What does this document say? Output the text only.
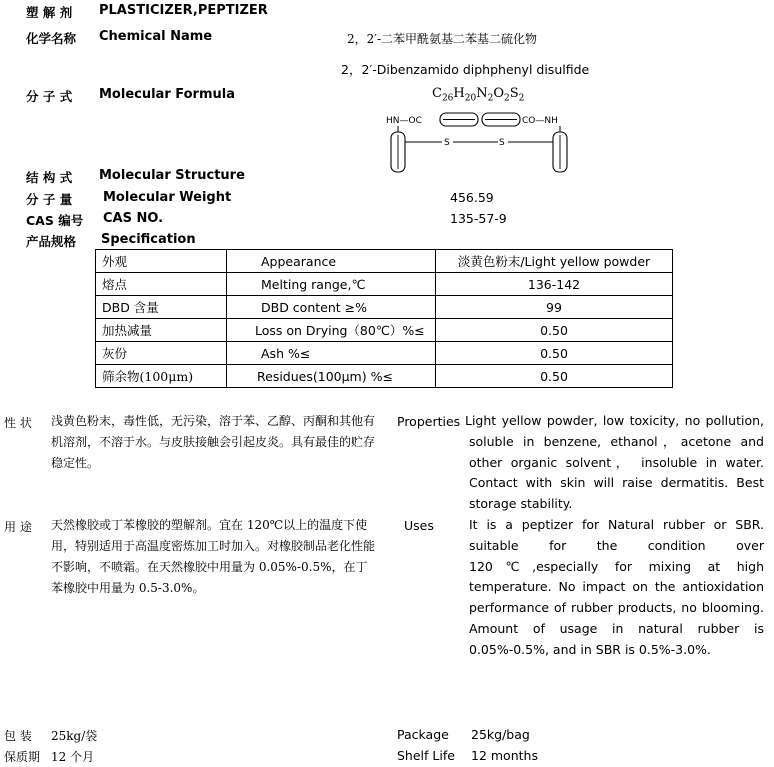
塑 解 剂 PLASTICIZER,PEPTIZER
化学名称 Chemical Name	2，2′-二苯甲酰氨基二苯基二硫化物
2，2′-Dibenzamido diphphenyl disulfide
分 子 式 Molecular Formula	$C_{26}H_{20}N_2O_2S_2$
HN—OC	CO—NH
S	S
结 构 式 Molecular Structure
分 子 量 Molecular Weight	456.59
CAS 编号 CAS NO.	135-57-9
产品规格 Specification
外观	Appearance	淡黄色粉末/Light yellow powder
熔点	Melting range,℃	136-142
DBD 含量	DBD content ≥%	99
加热减量	Loss on Drying（80℃）%≤	0.50
灰份	Ash %≤	0.50
筛余物(100μm)	Residues(100μm) %≤	0.50
性 状 浅黄色粉末，毒性低，无污染，溶于苯、乙醇、丙酮和其他有机溶剂，不溶于水。与皮肤接触会引起皮炎。具有最佳的贮存稳定性。
Properties Light yellow powder, low toxicity, no pollution, soluble in benzene, ethanol，acetone and other organic solvent， insoluble in water. Contact with skin will raise dermatitis. Best storage stability.
用 途 天然橡胶或丁苯橡胶的塑解剂。宜在 120℃以上的温度下使用，特别适用于高温度密炼加工时加入。对橡胶制品老化性能不影响，不喷霜。在天然橡胶中用量为 0.05%-0.5%，在丁苯橡胶中用量为 0.5-3.0%。
Uses	It is a peptizer for Natural rubber or SBR. suitable for the condition over 120℃,especially for mixing at high temperature. No impact on the antioxidation performance of rubber products, no blooming. Amount of usage in natural rubber is 0.05%-0.5%, and in SBR is 0.5%-3.0%.
包 装 25kg/袋	Package 25kg/bag
保质期 12 个月	Shelf Life 12 months
